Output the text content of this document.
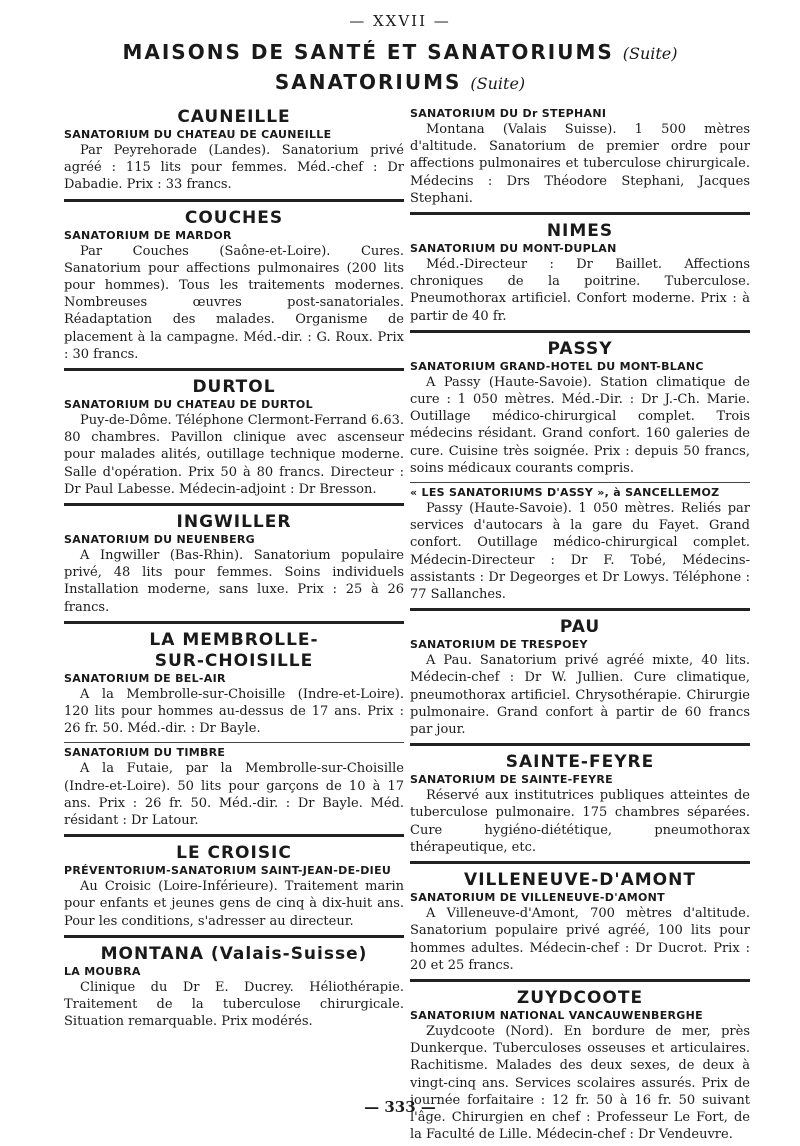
— XXVII —
MAISONS DE SANTÉ ET SANATORIUMS (Suite)
SANATORIUMS (Suite)
CAUNEILLE
SANATORIUM DU CHATEAU DE CAUNEILLE
Par Peyrehorade (Landes). Sanatorium privé agréé : 115 lits pour femmes. Méd.-chef : Dr Dabadie. Prix : 33 francs.
COUCHES
SANATORIUM DE MARDOR
Par Couches (Saône-et-Loire). Cures. Sanatorium pour affections pulmonaires (200 lits pour hommes). Tous les traitements modernes. Nombreuses œuvres post-sanatoriales. Réadaptation des malades. Organisme de placement à la campagne. Méd.-dir. : G. Roux. Prix : 30 francs.
DURTOL
SANATORIUM DU CHATEAU DE DURTOL
Puy-de-Dôme. Téléphone Clermont-Ferrand 6.63. 80 chambres. Pavillon clinique avec ascenseur pour malades alités, outillage technique moderne. Salle d'opération. Prix 50 à 80 francs. Directeur : Dr Paul Labesse. Médecin-adjoint : Dr Bresson.
INGWILLER
SANATORIUM DU NEUENBERG
A Ingwiller (Bas-Rhin). Sanatorium populaire privé, 48 lits pour femmes. Soins individuels Installation moderne, sans luxe. Prix : 25 à 26 francs.
LA MEMBROLLE-
SUR-CHOISILLE
SANATORIUM DE BEL-AIR
A la Membrolle-sur-Choisille (Indre-et-Loire). 120 lits pour hommes au-dessus de 17 ans. Prix : 26 fr. 50. Méd.-dir. : Dr Bayle.
SANATORIUM DU TIMBRE
A la Futaie, par la Membrolle-sur-Choisille (Indre-et-Loire). 50 lits pour garçons de 10 à 17 ans. Prix : 26 fr. 50. Méd.-dir. : Dr Bayle. Méd. résidant : Dr Latour.
LE CROISIC
PRÉVENTORIUM-SANATORIUM SAINT-JEAN-DE-DIEU
Au Croisic (Loire-Inférieure). Traitement marin pour enfants et jeunes gens de cinq à dix-huit ans. Pour les conditions, s'adresser au directeur.
MONTANA (Valais-Suisse)
LA MOUBRA
Clinique du Dr E. Ducrey. Héliothérapie. Traitement de la tuberculose chirurgicale. Situation remarquable. Prix modérés.
SANATORIUM DU Dr STEPHANI
Montana (Valais Suisse). 1 500 mètres d'altitude. Sanatorium de premier ordre pour affections pulmonaires et tuberculose chirurgicale. Médecins : Drs Théodore Stephani, Jacques Stephani.
NIMES
SANATORIUM DU MONT-DUPLAN
Méd.-Directeur : Dr Baillet. Affections chroniques de la poitrine. Tuberculose. Pneumothorax artificiel. Confort moderne. Prix : à partir de 40 fr.
PASSY
SANATORIUM GRAND-HOTEL DU MONT-BLANC
A Passy (Haute-Savoie). Station climatique de cure : 1 050 mètres. Méd.-Dir. : Dr J.-Ch. Marie. Outillage médico-chirurgical complet. Trois médecins résidant. Grand confort. 160 galeries de cure. Cuisine très soignée. Prix : depuis 50 francs, soins médicaux courants compris.
« LES SANATORIUMS D'ASSY », à SANCELLEMOZ
Passy (Haute-Savoie). 1 050 mètres. Reliés par services d'autocars à la gare du Fayet. Grand confort. Outillage médico-chirurgical complet. Médecin-Directeur : Dr F. Tobé, Médecins-assistants : Dr Degeorges et Dr Lowys. Téléphone : 77 Sallanches.
PAU
SANATORIUM DE TRESPOEY
A Pau. Sanatorium privé agréé mixte, 40 lits. Médecin-chef : Dr W. Jullien. Cure climatique, pneumothorax artificiel. Chrysothérapie. Chirurgie pulmonaire. Grand confort à partir de 60 francs par jour.
SAINTE-FEYRE
SANATORIUM DE SAINTE-FEYRE
Réservé aux institutrices publiques atteintes de tuberculose pulmonaire. 175 chambres séparées. Cure hygiéno-diététique, pneumothorax thérapeutique, etc.
VILLENEUVE-D'AMONT
SANATORIUM DE VILLENEUVE-D'AMONT
A Villeneuve-d'Amont, 700 mètres d'altitude. Sanatorium populaire privé agréé, 100 lits pour hommes adultes. Médecin-chef : Dr Ducrot. Prix : 20 et 25 francs.
ZUYDCOOTE
SANATORIUM NATIONAL VANCAUWENBERGHE
Zuydcoote (Nord). En bordure de mer, près Dunkerque. Tuberculoses osseuses et articulaires. Rachitisme. Malades des deux sexes, de deux à vingt-cinq ans. Services scolaires assurés. Prix de journée forfaitaire : 12 fr. 50 à 16 fr. 50 suivant l'âge. Chirurgien en chef : Professeur Le Fort, de la Faculté de Lille. Médecin-chef : Dr Vendeuvre.
— 333 —
